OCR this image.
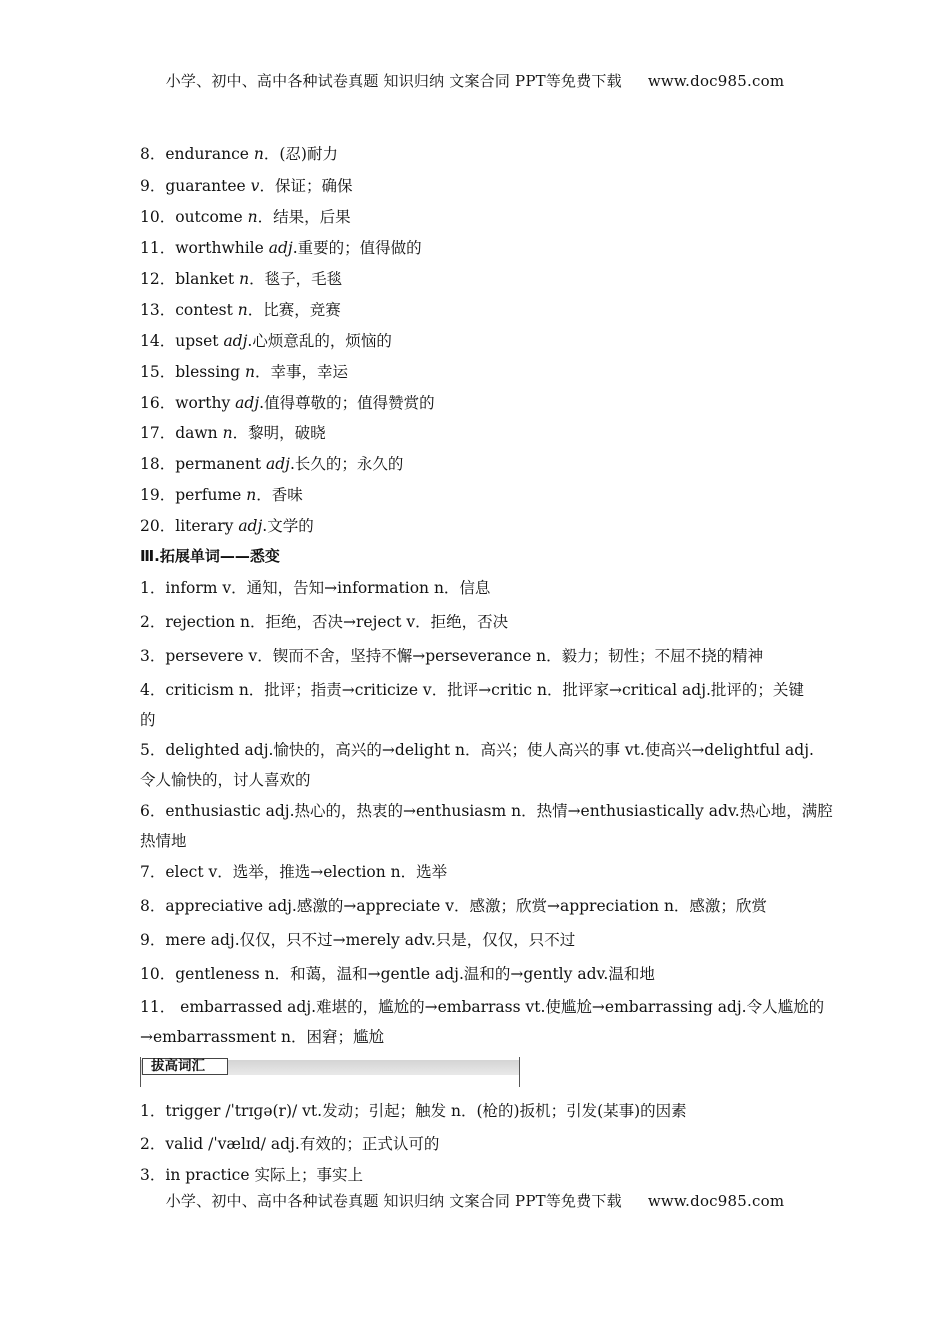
小学、初中、高中各种试卷真题 知识归纳 文案合同 PPT等免费下载 www.doc985.com
8．endurance n．(忍)耐力
9．guarantee v．保证；确保
10．outcome n．结果，后果
11．worthwhile adj.重要的；值得做的
12．blanket n．毯子，毛毯
13．contest n．比赛，竞赛
14．upset adj.心烦意乱的，烦恼的
15．blessing n．幸事，幸运
16．worthy adj.值得尊敬的；值得赞赏的
17．dawn n．黎明，破晓
18．permanent adj.长久的；永久的
19．perfume n．香味
20．literary adj.文学的
Ⅲ.拓展单词——悉变
1．inform v．通知，告知→information n．信息
2．rejection n．拒绝，否决→reject v．拒绝，否决
3．persevere v．锲而不舍，坚持不懈→perseverance n．毅力；韧性；不屈不挠的精神
4．criticism n．批评；指责→criticize v．批评→critic n．批评家→critical adj.批评的；关键
的
5．delighted adj.愉快的，高兴的→delight n．高兴；使人高兴的事 vt.使高兴→delightful adj.
令人愉快的，讨人喜欢的
6．enthusiastic adj.热心的，热衷的→enthusiasm n．热情→enthusiastically adv.热心地，满腔
热情地
7．elect v．选举，推选→election n．选举
8．appreciative adj.感激的→appreciate v．感激；欣赏→appreciation n．感激；欣赏
9．mere adj.仅仅，只不过→merely adv.只是，仅仅，只不过
10．gentleness n．和蔼，温和→gentle adj.温和的→gently adv.温和地
11． embarrassed adj.难堪的，尴尬的→embarrass vt.使尴尬→embarrassing adj.令人尴尬的
→embarrassment n．困窘；尴尬
1．trigger /ˈtrɪɡə(r)/ vt.发动；引起；触发 n．(枪的)扳机；引发(某事)的因素
2．valid /ˈvælɪd/ adj.有效的；正式认可的
3．in practice 实际上；事实上
拔高词汇
小学、初中、高中各种试卷真题 知识归纳 文案合同 PPT等免费下载 www.doc985.com
